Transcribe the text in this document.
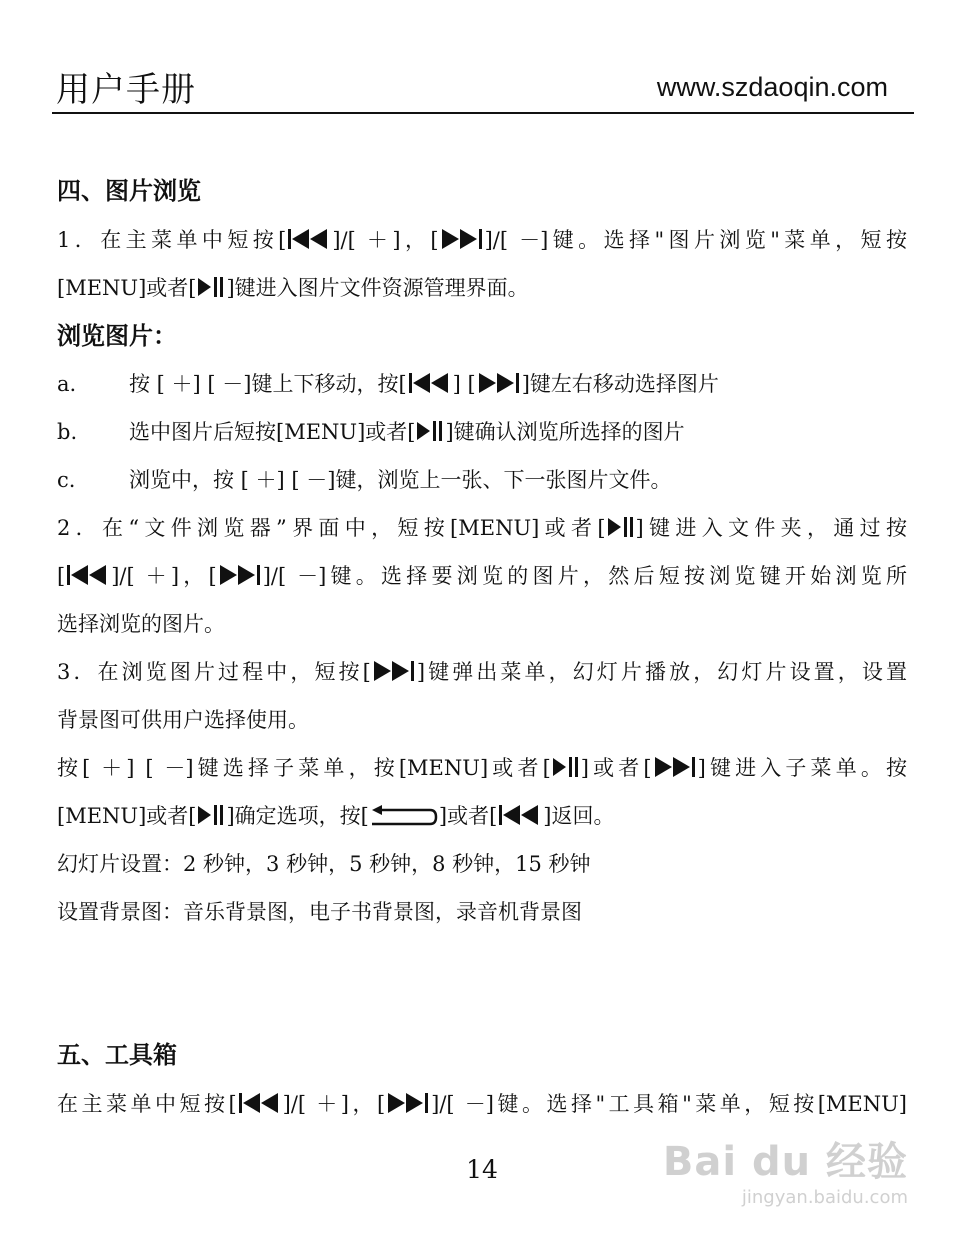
用户手册	www.szdaoqin.com
四、图片浏览
1．在主菜单中短按[ ]/[ ＋]，[ ]/[ －]键。选择"图片浏览"菜单，短按
[MENU]或者[ ]键进入图片文件资源管理界面。
浏览图片：
a.	按 [ ＋] [ －]键上下移动，按[ ] [ ]键左右移动选择图片
b. 选中图片后短按[MENU]或者[ ]键确认浏览所选择的图片
c.	浏览中，按 [ ＋] [ －]键，浏览上一张、下一张图片文件。
2．在“文件浏览器”界面中，短按[MENU]或者[ ]键进入文件夹，通过按
[ ]/[ ＋]，[ ]/[ －]键。选择要浏览的图片，然后短按浏览键开始浏览所
选择浏览的图片。
3．在浏览图片过程中，短按[ ]键弹出菜单，幻灯片播放，幻灯片设置，设置
背景图可供用户选择使用。
按[ ＋] [ －]键选择子菜单，按[MENU]或者[ ]或者[ ]键进入子菜单。按
[MENU]或者[ ]确定选项，按[	]或者[ ]返回。
幻灯片设置：2 秒钟，3 秒钟，5 秒钟，8 秒钟，15 秒钟
设置背景图：音乐背景图，电子书背景图，录音机背景图
五、工具箱
在主菜单中短按[ ]/[ ＋]，[ ]/[ －]键。选择"工具箱"菜单，短按[MENU]
14	Bai du 经验
jingyan.baidu.com
